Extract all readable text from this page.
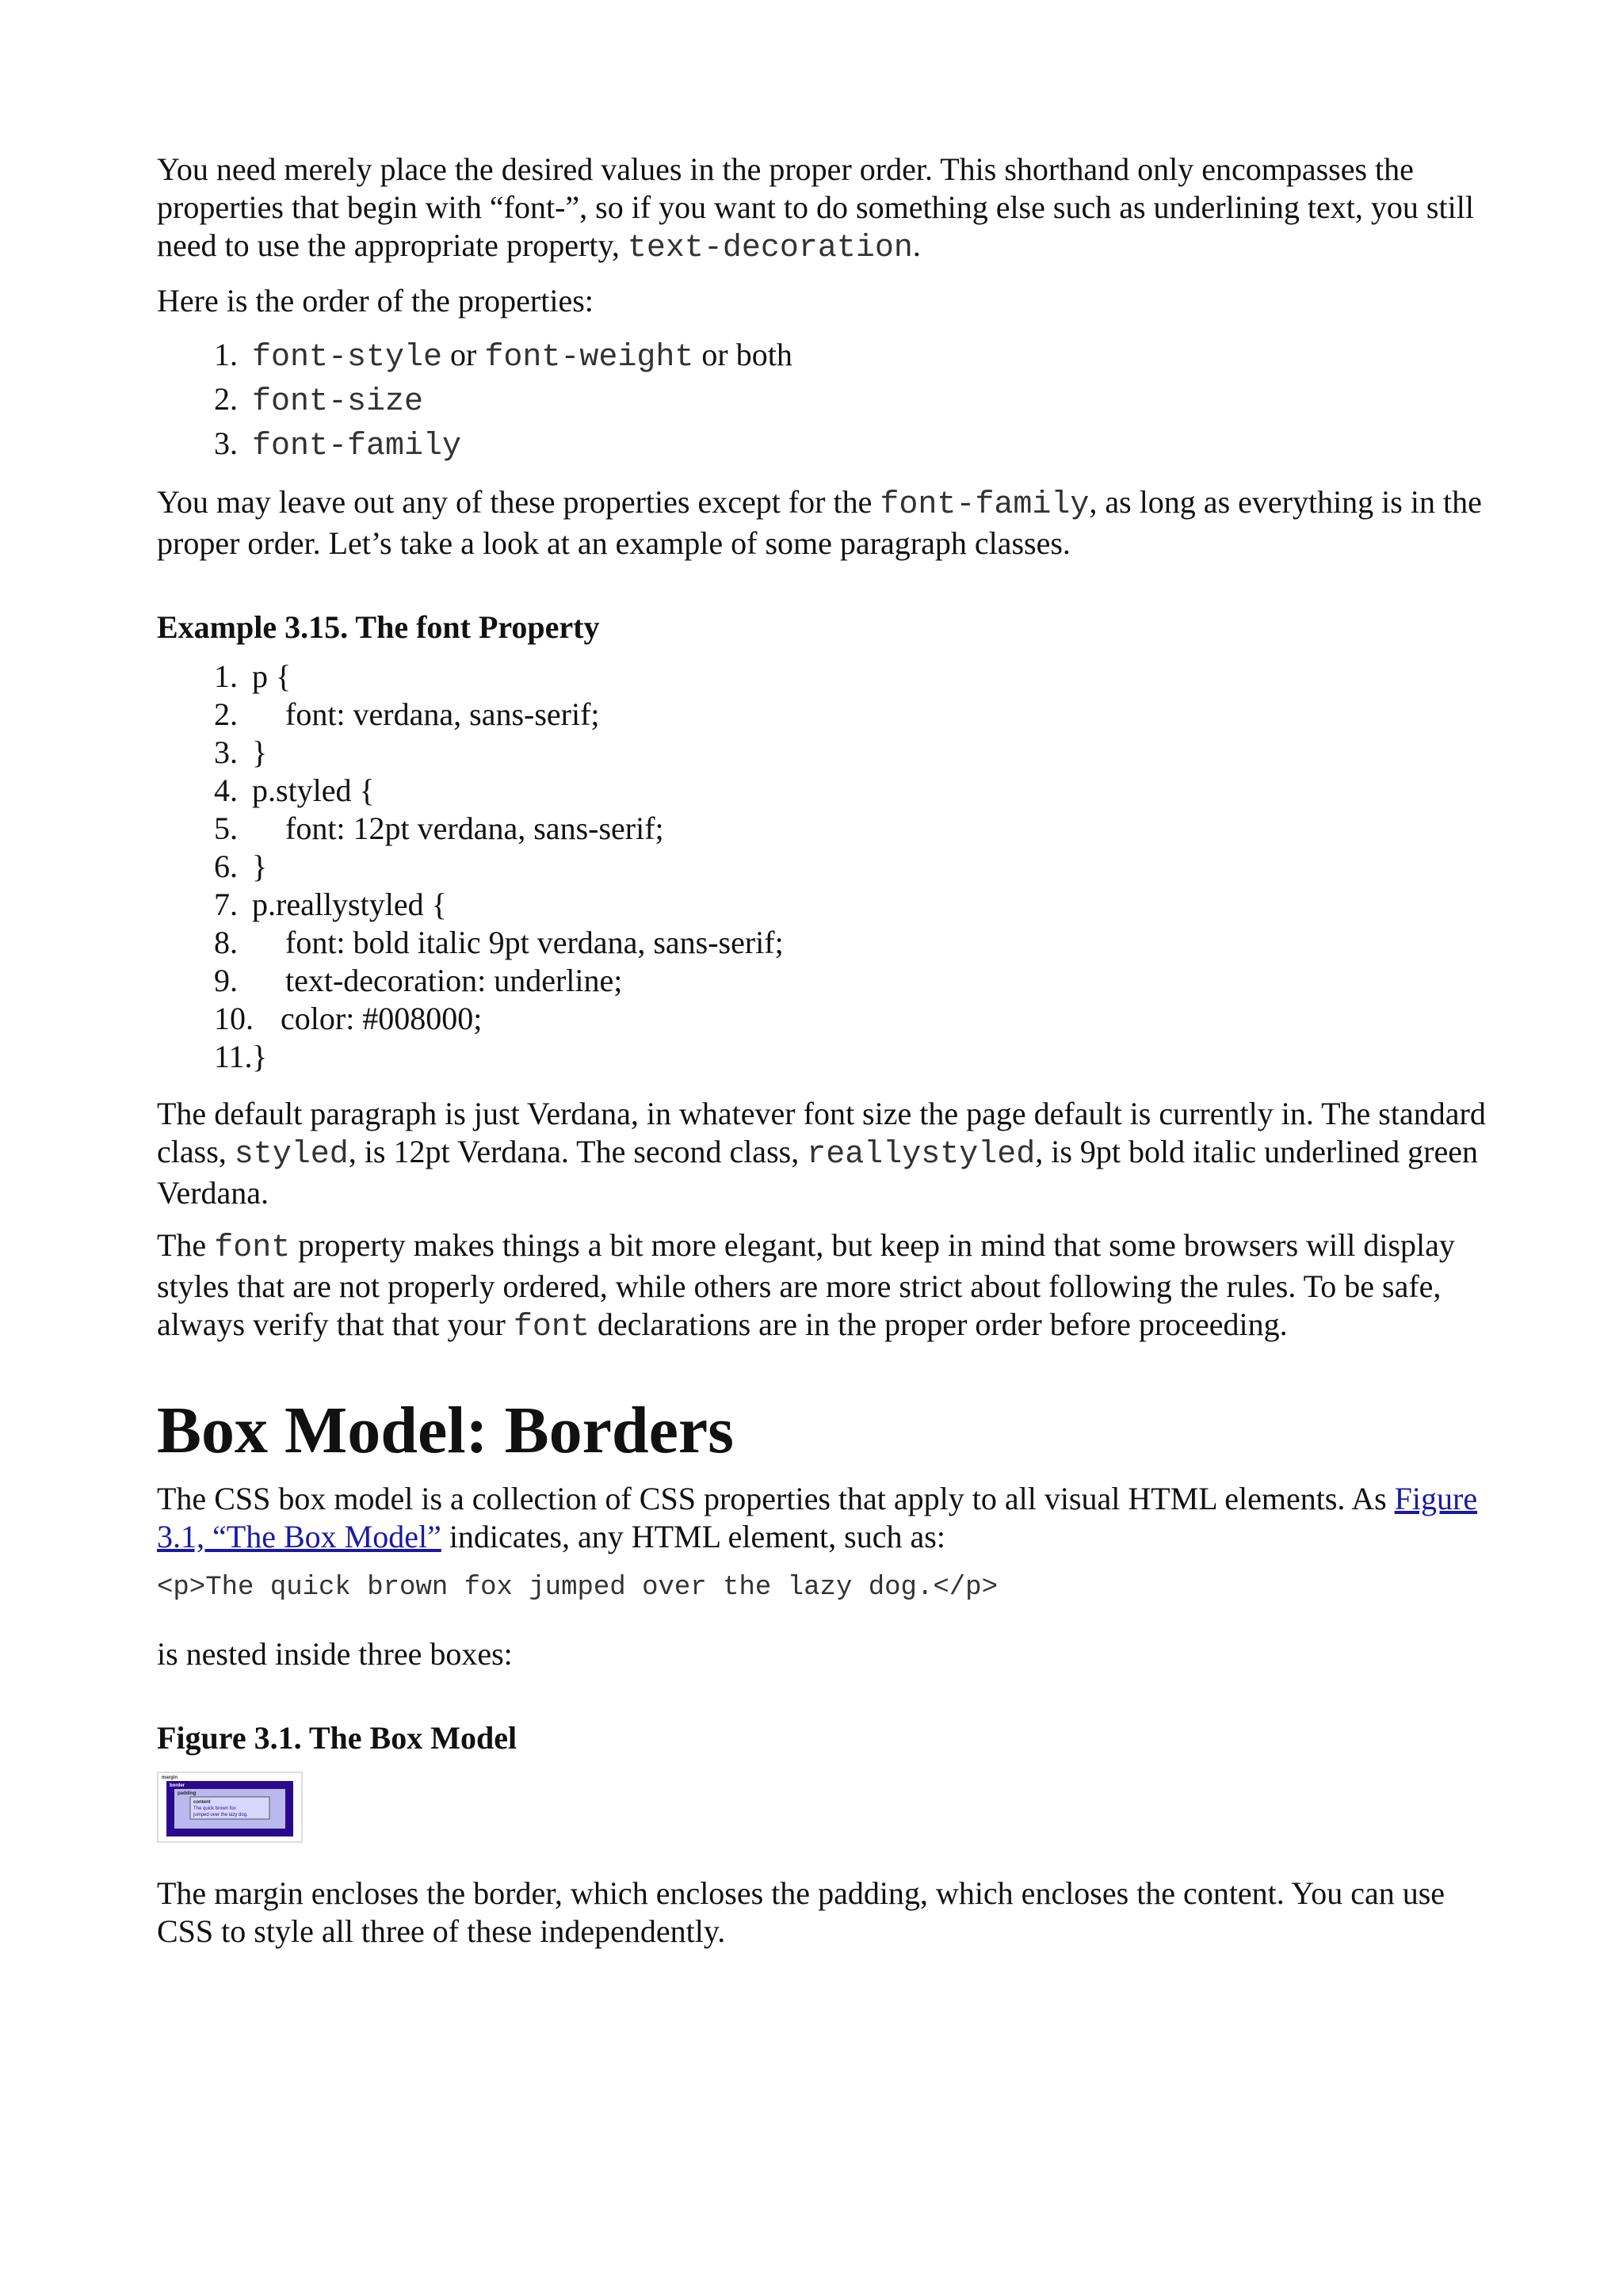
You need merely place the desired values in the proper order. This shorthand only encompasses the properties that begin with “font-”, so if you want to do something else such as underlining text, you still need to use the appropriate property, text-decoration.

Here is the order of the properties:

1. font-style or font-weight or both
2. font-size
3. font-family

You may leave out any of these properties except for the font-family, as long as everything is in the proper order. Let’s take a look at an example of some paragraph classes.

Example 3.15. The font Property
1. p {
2. font: verdana, sans-serif;
3. }
4. p.styled {
5. font: 12pt verdana, sans-serif;
6. }
7. p.reallystyled {
8. font: bold italic 9pt verdana, sans-serif;
9. text-decoration: underline;
10. color: #008000;
11.}

The default paragraph is just Verdana, in whatever font size the page default is currently in. The standard class, styled, is 12pt Verdana. The second class, reallystyled, is 9pt bold italic underlined green Verdana.

The font property makes things a bit more elegant, but keep in mind that some browsers will display styles that are not properly ordered, while others are more strict about following the rules. To be safe, always verify that that your font declarations are in the proper order before proceeding.

Box Model: Borders

The CSS box model is a collection of CSS properties that apply to all visual HTML elements. As Figure 3.1, “The Box Model” indicates, any HTML element, such as:

<p>The quick brown fox jumped over the lazy dog.</p>

is nested inside three boxes:

Figure 3.1. The Box Model
margin
border
padding
content
The quick brown fox
jumped over the lazy dog.

The margin encloses the border, which encloses the padding, which encloses the content. You can use CSS to style all three of these independently.
